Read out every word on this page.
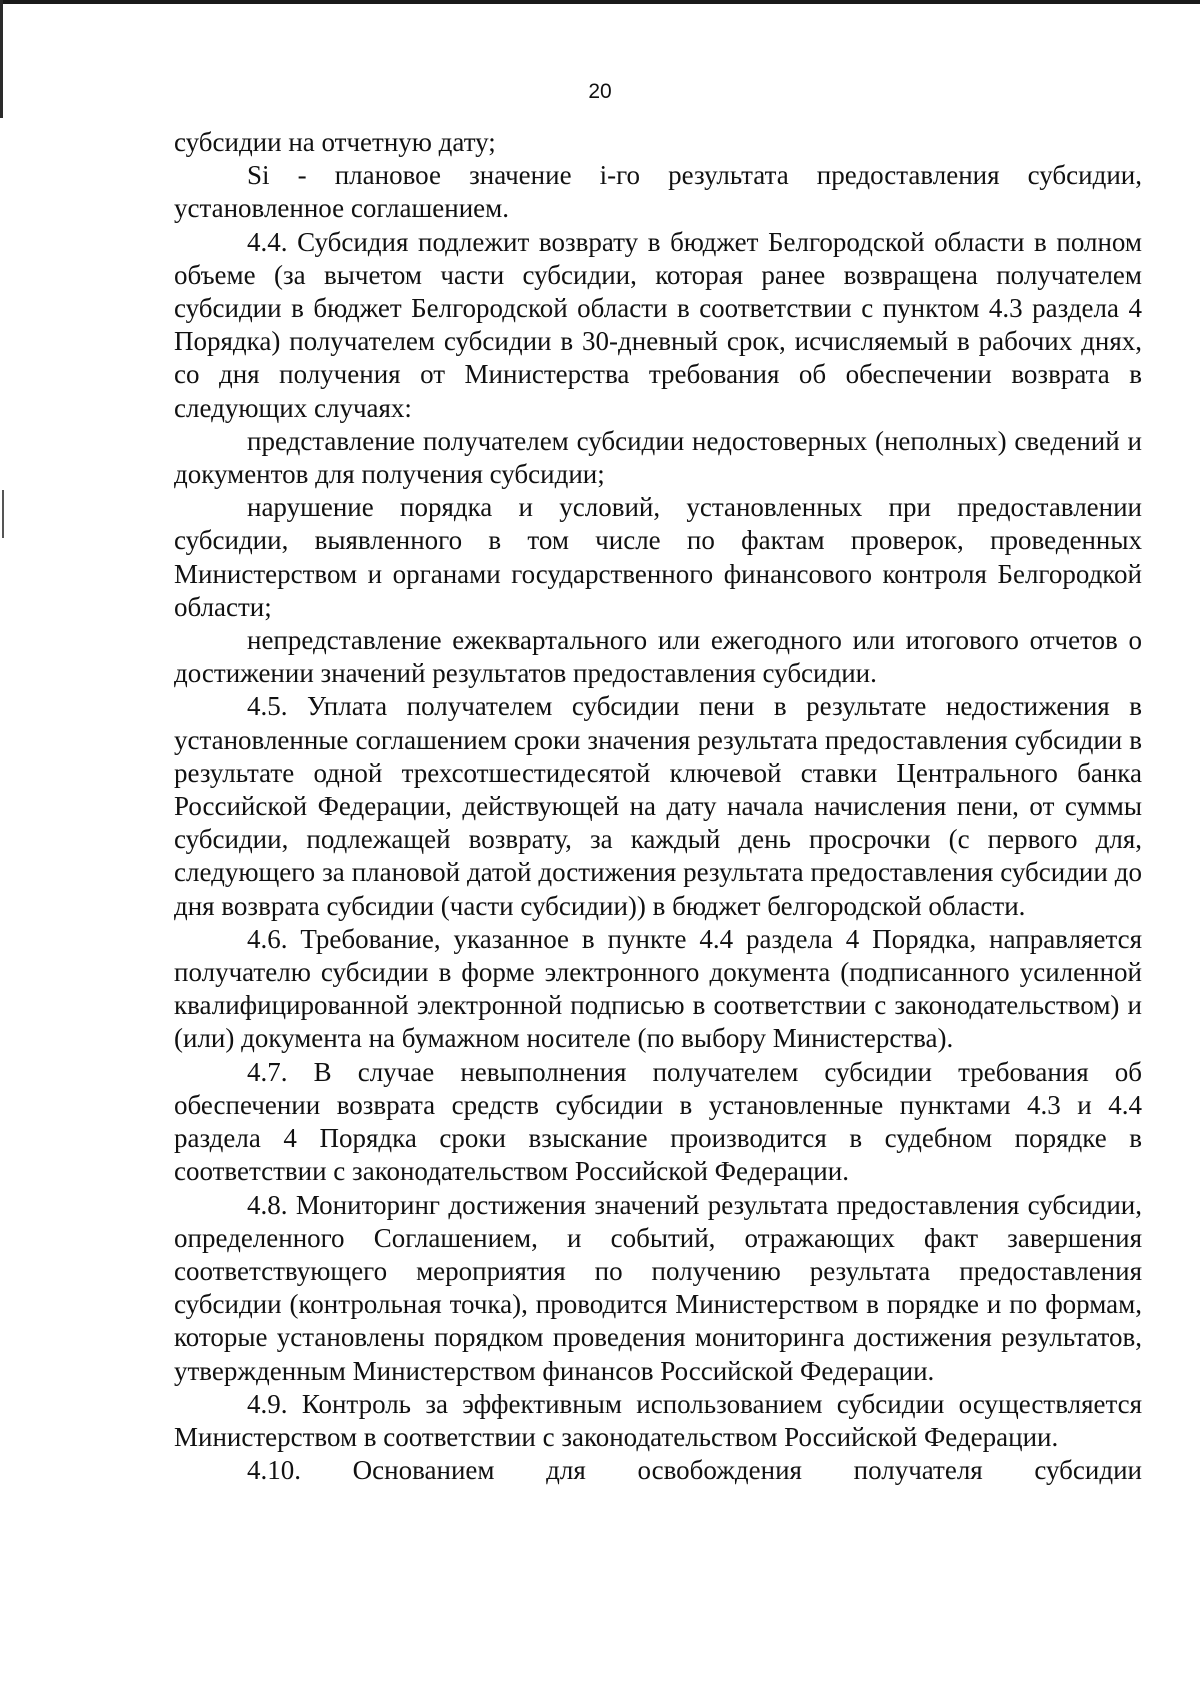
20

субсидии на отчетную дату;

Si - плановое значение i-го результата предоставления субсидии, установленное соглашением.

4.4. Субсидия подлежит возврату в бюджет Белгородской области в полном объеме (за вычетом части субсидии, которая ранее возвращена получателем субсидии в бюджет Белгородской области в соответствии с пунктом 4.3 раздела 4 Порядка) получателем субсидии в 30-дневный срок, исчисляемый в рабочих днях, со дня получения от Министерства требования об обеспечении возврата в следующих случаях:

представление получателем субсидии недостоверных (неполных) сведений и документов для получения субсидии;

нарушение порядка и условий, установленных при предоставлении субсидии, выявленного в том числе по фактам проверок, проведенных Министерством и органами государственного финансового контроля Белгородкой области;

непредставление ежеквартального или ежегодного или итогового отчетов о достижении значений результатов предоставления субсидии.

4.5. Уплата получателем субсидии пени в результате недостижения в установленные соглашением сроки значения результата предоставления субсидии в результате одной трехсотшестидесятой ключевой ставки Центрального банка Российской Федерации, действующей на дату начала начисления пени, от суммы субсидии, подлежащей возврату, за каждый день просрочки (с первого для, следующего за плановой датой достижения результата предоставления субсидии до дня возврата субсидии (части субсидии)) в бюджет белгородской области.

4.6. Требование, указанное в пункте 4.4 раздела 4 Порядка, направляется получателю субсидии в форме электронного документа (подписанного усиленной квалифицированной электронной подписью в соответствии с законодательством) и (или) документа на бумажном носителе (по выбору Министерства).

4.7. В случае невыполнения получателем субсидии требования об обеспечении возврата средств субсидии в установленные пунктами 4.3 и 4.4 раздела 4 Порядка сроки взыскание производится в судебном порядке в соответствии с законодательством Российской Федерации.

4.8. Мониторинг достижения значений результата предоставления субсидии, определенного Соглашением, и событий, отражающих факт завершения соответствующего мероприятия по получению результата предоставления субсидии (контрольная точка), проводится Министерством в порядке и по формам, которые установлены порядком проведения мониторинга достижения результатов, утвержденным Министерством финансов Российской Федерации.

4.9. Контроль за эффективным использованием субсидии осуществляется Министерством в соответствии с законодательством Российской Федерации.

4.10. Основанием для освобождения получателя субсидии
